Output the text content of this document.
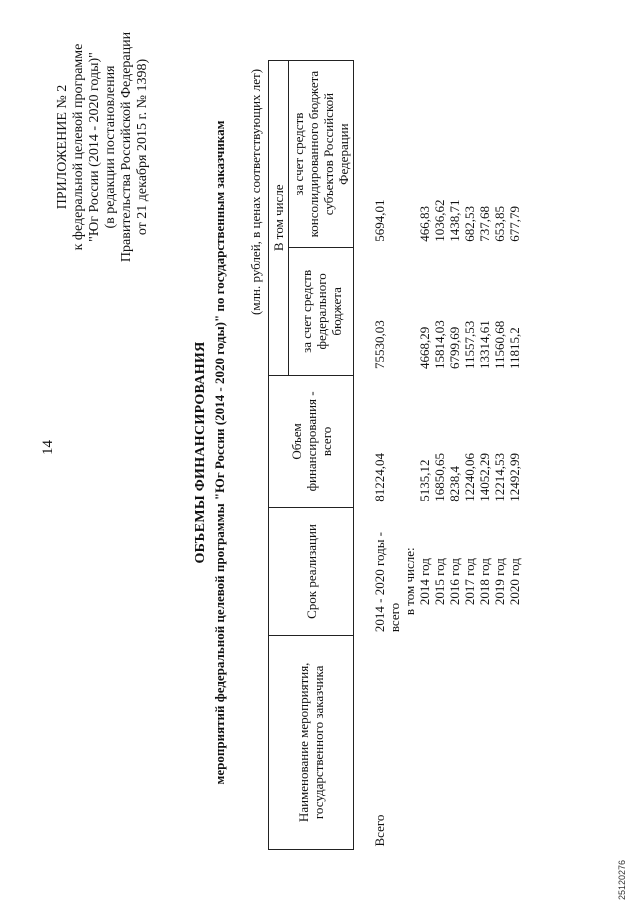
14
ПРИЛОЖЕНИЕ № 2 к федеральной целевой программе "Юг России (2014 - 2020 годы)" (в редакции постановления Правительства Российской Федерации от 21 декабря 2015 г. № 1398)
ОБЪЕМЫ ФИНАНСИРОВАНИЯ мероприятий федеральной целевой программы "Юг России (2014 - 2020 годы)" по государственным заказчикам (млн. рублей, в ценах соответствующих лет)
Наименование мероприятия, государственного заказчика	Срок реализации	Объем финансирования - всего	В том числе	
			за счет средств федерального бюджета	за счет средств консолидированного бюджета субъектов Российской Федерации
Всего	2014 - 2020 годы - всего	81224,04	75530,03	5694,01
	в том числе:			
	2014 год	5135,12	4668,29	466,83
	2015 год	16850,65	15814,03	1036,62
	2016 год	8238,4	6799,69	1438,71
	2017 год	12240,06	11557,53	682,53
	2018 год	14052,29	13314,61	737,68
	2019 год	12214,53	11560,68	653,85
	2020 год	12492,99	11815,2	677,79
25120276
